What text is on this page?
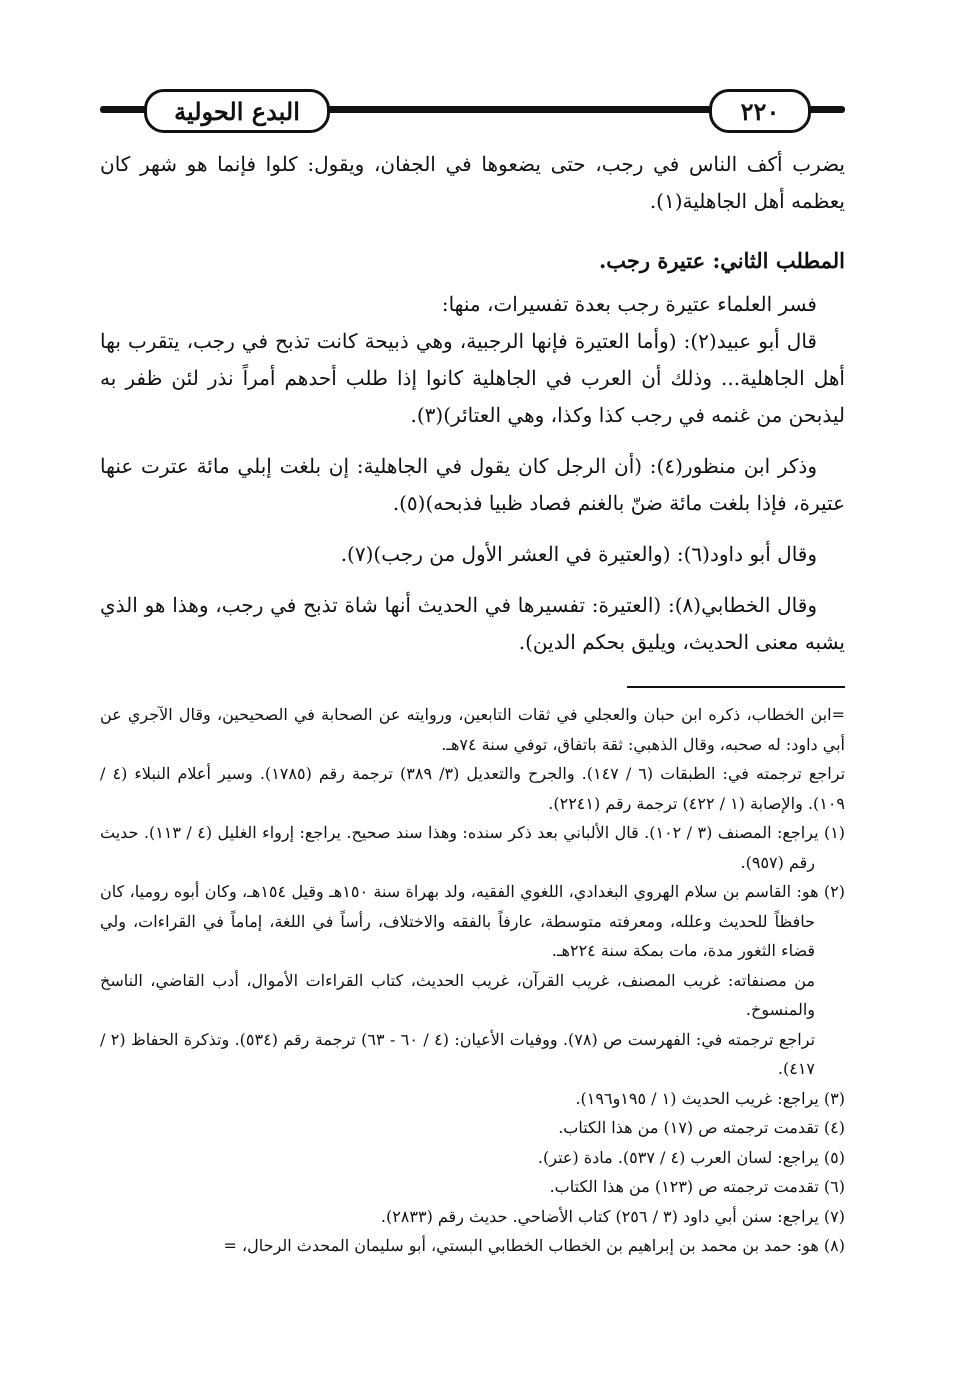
البدع الحولية	٢٢٠

يضرب أكف الناس في رجب، حتى يضعوها في الجفان، ويقول: كلوا فإنما هو شهر كان يعظمه أهل الجاهلية(١).

المطلب الثاني: عتيرة رجب.

فسر العلماء عتيرة رجب بعدة تفسيرات، منها:

قال أبو عبيد(٢): (وأما العتيرة فإنها الرجبية، وهي ذبيحة كانت تذبح في رجب، يتقرب بها أهل الجاهلية... وذلك أن العرب في الجاهلية كانوا إذا طلب أحدهم أمراً نذر لئن ظفر به ليذبحن من غنمه في رجب كذا وكذا، وهي العتائر)(٣).

وذكر ابن منظور(٤): (أن الرجل كان يقول في الجاهلية: إن بلغت إبلي مائة عترت عنها عتيرة، فإذا بلغت مائة ضنّ بالغنم فصاد ظبيا فذبحه)(٥).

وقال أبو داود(٦): (والعتيرة في العشر الأول من رجب)(٧).

وقال الخطابي(٨): (العتيرة: تفسيرها في الحديث أنها شاة تذبح في رجب، وهذا هو الذي يشبه معنى الحديث، ويليق بحكم الدين).

=ابن الخطاب، ذكره ابن حبان والعجلي في ثقات التابعين، وروايته عن الصحابة في الصحيحين، وقال الآجري عن أبي داود: له صحبه، وقال الذهبي: ثقة باتفاق، توفي سنة ٧٤هـ.

تراجع ترجمته في: الطبقات (٦ / ١٤٧). والجرح والتعديل (٣/ ٣٨٩) ترجمة رقم (١٧٨٥). وسير أعلام النبلاء (٤ / ١٠٩). والإصابة (١ / ٤٢٢) ترجمة رقم (٢٢٤١).

(١) يراجع: المصنف (٣ / ١٠٢). قال الألباني بعد ذكر سنده: وهذا سند صحيح. يراجع: إرواء الغليل (٤ / ١١٣). حديث رقم (٩٥٧).

(٢) هو: القاسم بن سلام الهروي البغدادي، اللغوي الفقيه، ولد بهراة سنة ١٥٠هـ وقيل ١٥٤هـ، وكان أبوه روميا، كان حافظاً للحديث وعلله، ومعرفته متوسطة، عارفاً بالفقه والاختلاف، رأساً في اللغة، إماماً في القراءات، ولي قضاء الثغور مدة، مات بمكة سنة ٢٢٤هـ.

من مصنفاته: غريب المصنف، غريب القرآن، غريب الحديث، كتاب القراءات الأموال، أدب القاضي، الناسخ والمنسوخ.

تراجع ترجمته في: الفهرست ص (٧٨). ووفيات الأعيان: (٤ / ٦٠ - ٦٣) ترجمة رقم (٥٣٤). وتذكرة الحفاظ (٢ / ٤١٧).

(٣) يراجع: غريب الحديث (١ / ١٩٥و١٩٦).

(٤) تقدمت ترجمته ص (١٧) من هذا الكتاب.

(٥) يراجع: لسان العرب (٤ / ٥٣٧). مادة (عتر).

(٦) تقدمت ترجمته ص (١٢٣) من هذا الكتاب.

(٧) يراجع: سنن أبي داود (٣ / ٢٥٦) كتاب الأضاحي. حديث رقم (٢٨٣٣).

(٨) هو: حمد بن محمد بن إبراهيم بن الخطاب الخطابي البستي، أبو سليمان المحدث الرحال، =
